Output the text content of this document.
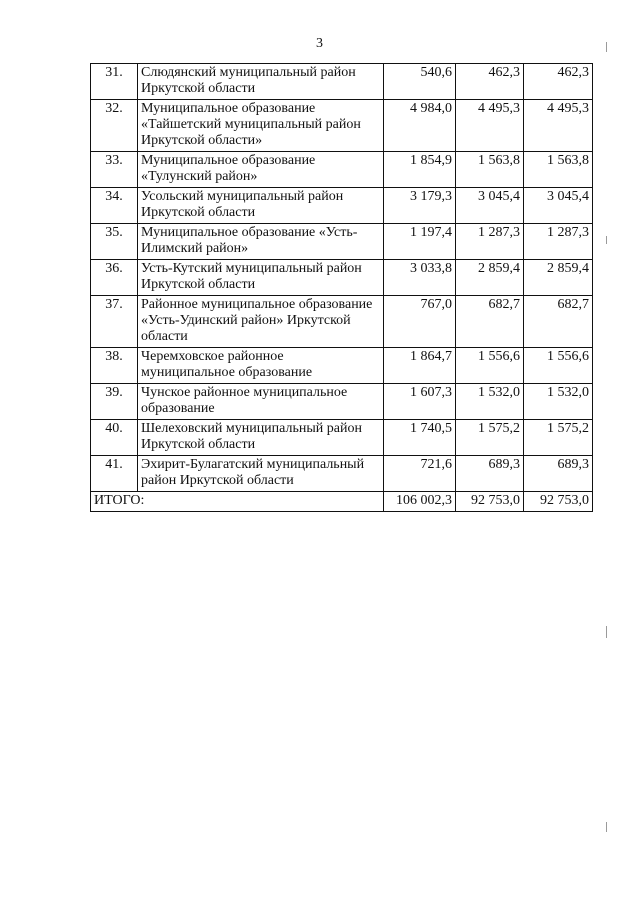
3
31.	Слюдянский муниципальный район Иркутской области	540,6	462,3	462,3
32.	Муниципальное образование «Тайшетский муниципальный район Иркутской области»	4 984,0	4 495,3	4 495,3
33.	Муниципальное образование «Тулунский район»	1 854,9	1 563,8	1 563,8
34.	Усольский муниципальный район Иркутской области	3 179,3	3 045,4	3 045,4
35.	Муниципальное образование «Усть-Илимский район»	1 197,4	1 287,3	1 287,3
36.	Усть-Кутский муниципальный район Иркутской области	3 033,8	2 859,4	2 859,4
37.	Районное муниципальное образование «Усть-Удинский район» Иркутской области	767,0	682,7	682,7
38.	Черемховское районное муниципальное образование	1 864,7	1 556,6	1 556,6
39.	Чунское районное муниципальное образование	1 607,3	1 532,0	1 532,0
40.	Шелеховский муниципальный район Иркутской области	1 740,5	1 575,2	1 575,2
41.	Эхирит-Булагатский муниципальный район Иркутской области	721,6	689,3	689,3
ИТОГО:		106 002,3	92 753,0	92 753,0
